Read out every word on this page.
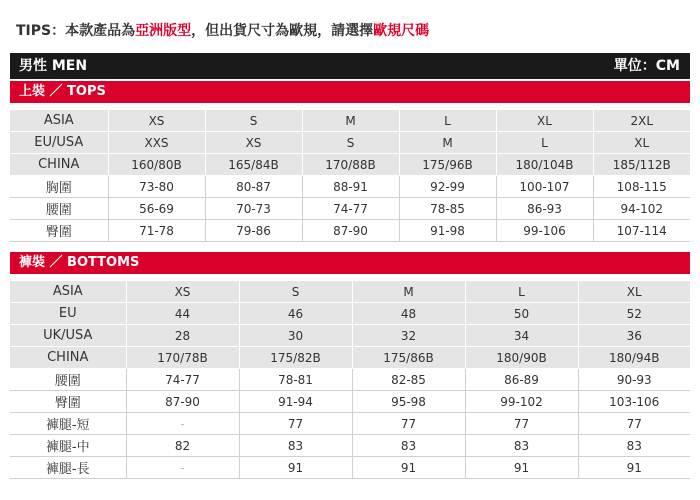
TIPS：本款產品為亞洲版型，但出貨尺寸為歐規，請選擇歐規尺碼
男性 MEN	單位：CM
上裝 ／ TOPS
ASIA	XS	S	M	L	XL	2XL
EU/USA	XXS	XS	S	M	L	XL
CHINA	160/80B	165/84B	170/88B	175/96B	180/104B	185/112B
胸圍	73-80	80-87	88-91	92-99	100-107	108-115
腰圍	56-69	70-73	74-77	78-85	86-93	94-102
臀圍	71-78	79-86	87-90	91-98	99-106	107-114
褲裝 ／ BOTTOMS
ASIA	XS	S	M	L	XL
EU	44	46	48	50	52
UK/USA	28	30	32	34	36
CHINA	170/78B	175/82B	175/86B	180/90B	180/94B
腰圍	74-77	78-81	82-85	86-89	90-93
臀圍	87-90	91-94	95-98	99-102	103-106
褲腿-短	-	77	77	77	77
褲腿-中	82	83	83	83	83
褲腿-長	-	91	91	91	91
